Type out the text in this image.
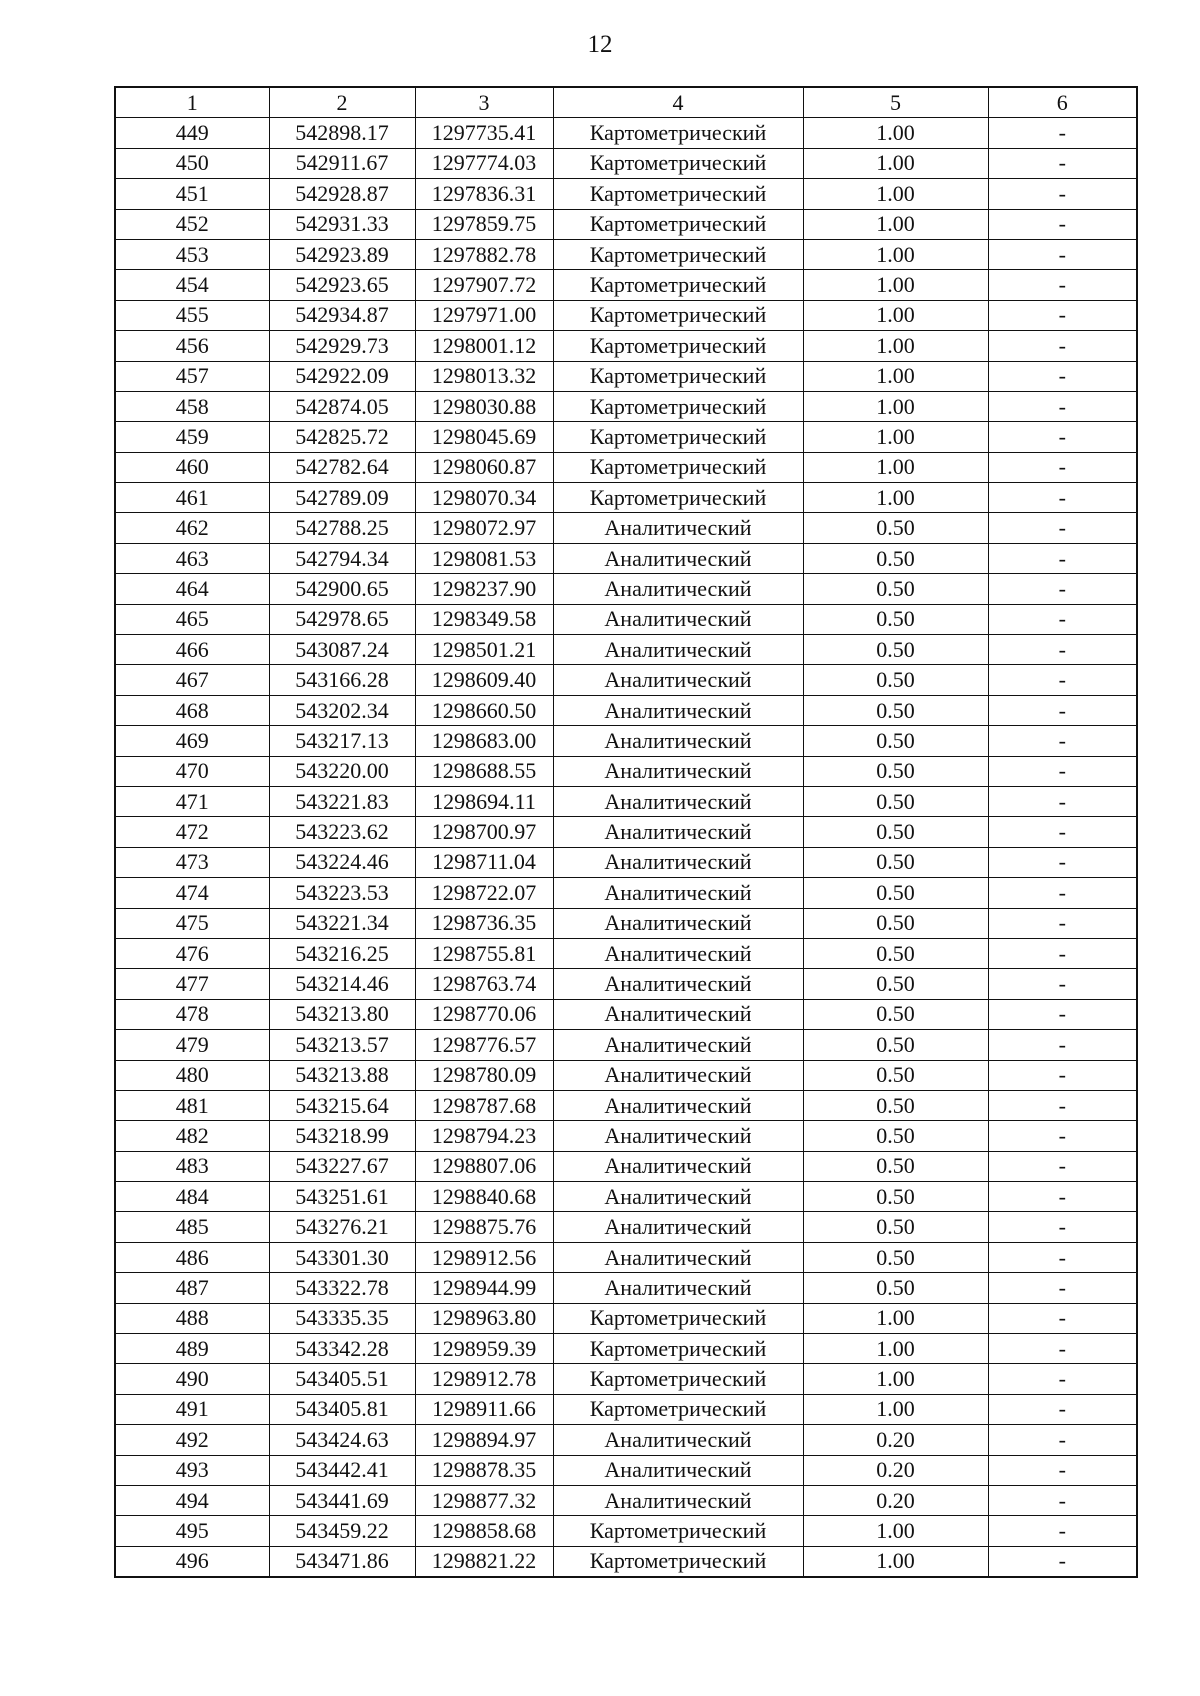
12
1	2	3	4	5	6
449	542898.17	1297735.41	Картометрический	1.00	-
450	542911.67	1297774.03	Картометрический	1.00	-
451	542928.87	1297836.31	Картометрический	1.00	-
452	542931.33	1297859.75	Картометрический	1.00	-
453	542923.89	1297882.78	Картометрический	1.00	-
454	542923.65	1297907.72	Картометрический	1.00	-
455	542934.87	1297971.00	Картометрический	1.00	-
456	542929.73	1298001.12	Картометрический	1.00	-
457	542922.09	1298013.32	Картометрический	1.00	-
458	542874.05	1298030.88	Картометрический	1.00	-
459	542825.72	1298045.69	Картометрический	1.00	-
460	542782.64	1298060.87	Картометрический	1.00	-
461	542789.09	1298070.34	Картометрический	1.00	-
462	542788.25	1298072.97	Аналитический	0.50	-
463	542794.34	1298081.53	Аналитический	0.50	-
464	542900.65	1298237.90	Аналитический	0.50	-
465	542978.65	1298349.58	Аналитический	0.50	-
466	543087.24	1298501.21	Аналитический	0.50	-
467	543166.28	1298609.40	Аналитический	0.50	-
468	543202.34	1298660.50	Аналитический	0.50	-
469	543217.13	1298683.00	Аналитический	0.50	-
470	543220.00	1298688.55	Аналитический	0.50	-
471	543221.83	1298694.11	Аналитический	0.50	-
472	543223.62	1298700.97	Аналитический	0.50	-
473	543224.46	1298711.04	Аналитический	0.50	-
474	543223.53	1298722.07	Аналитический	0.50	-
475	543221.34	1298736.35	Аналитический	0.50	-
476	543216.25	1298755.81	Аналитический	0.50	-
477	543214.46	1298763.74	Аналитический	0.50	-
478	543213.80	1298770.06	Аналитический	0.50	-
479	543213.57	1298776.57	Аналитический	0.50	-
480	543213.88	1298780.09	Аналитический	0.50	-
481	543215.64	1298787.68	Аналитический	0.50	-
482	543218.99	1298794.23	Аналитический	0.50	-
483	543227.67	1298807.06	Аналитический	0.50	-
484	543251.61	1298840.68	Аналитический	0.50	-
485	543276.21	1298875.76	Аналитический	0.50	-
486	543301.30	1298912.56	Аналитический	0.50	-
487	543322.78	1298944.99	Аналитический	0.50	-
488	543335.35	1298963.80	Картометрический	1.00	-
489	543342.28	1298959.39	Картометрический	1.00	-
490	543405.51	1298912.78	Картометрический	1.00	-
491	543405.81	1298911.66	Картометрический	1.00	-
492	543424.63	1298894.97	Аналитический	0.20	-
493	543442.41	1298878.35	Аналитический	0.20	-
494	543441.69	1298877.32	Аналитический	0.20	-
495	543459.22	1298858.68	Картометрический	1.00	-
496	543471.86	1298821.22	Картометрический	1.00	-
